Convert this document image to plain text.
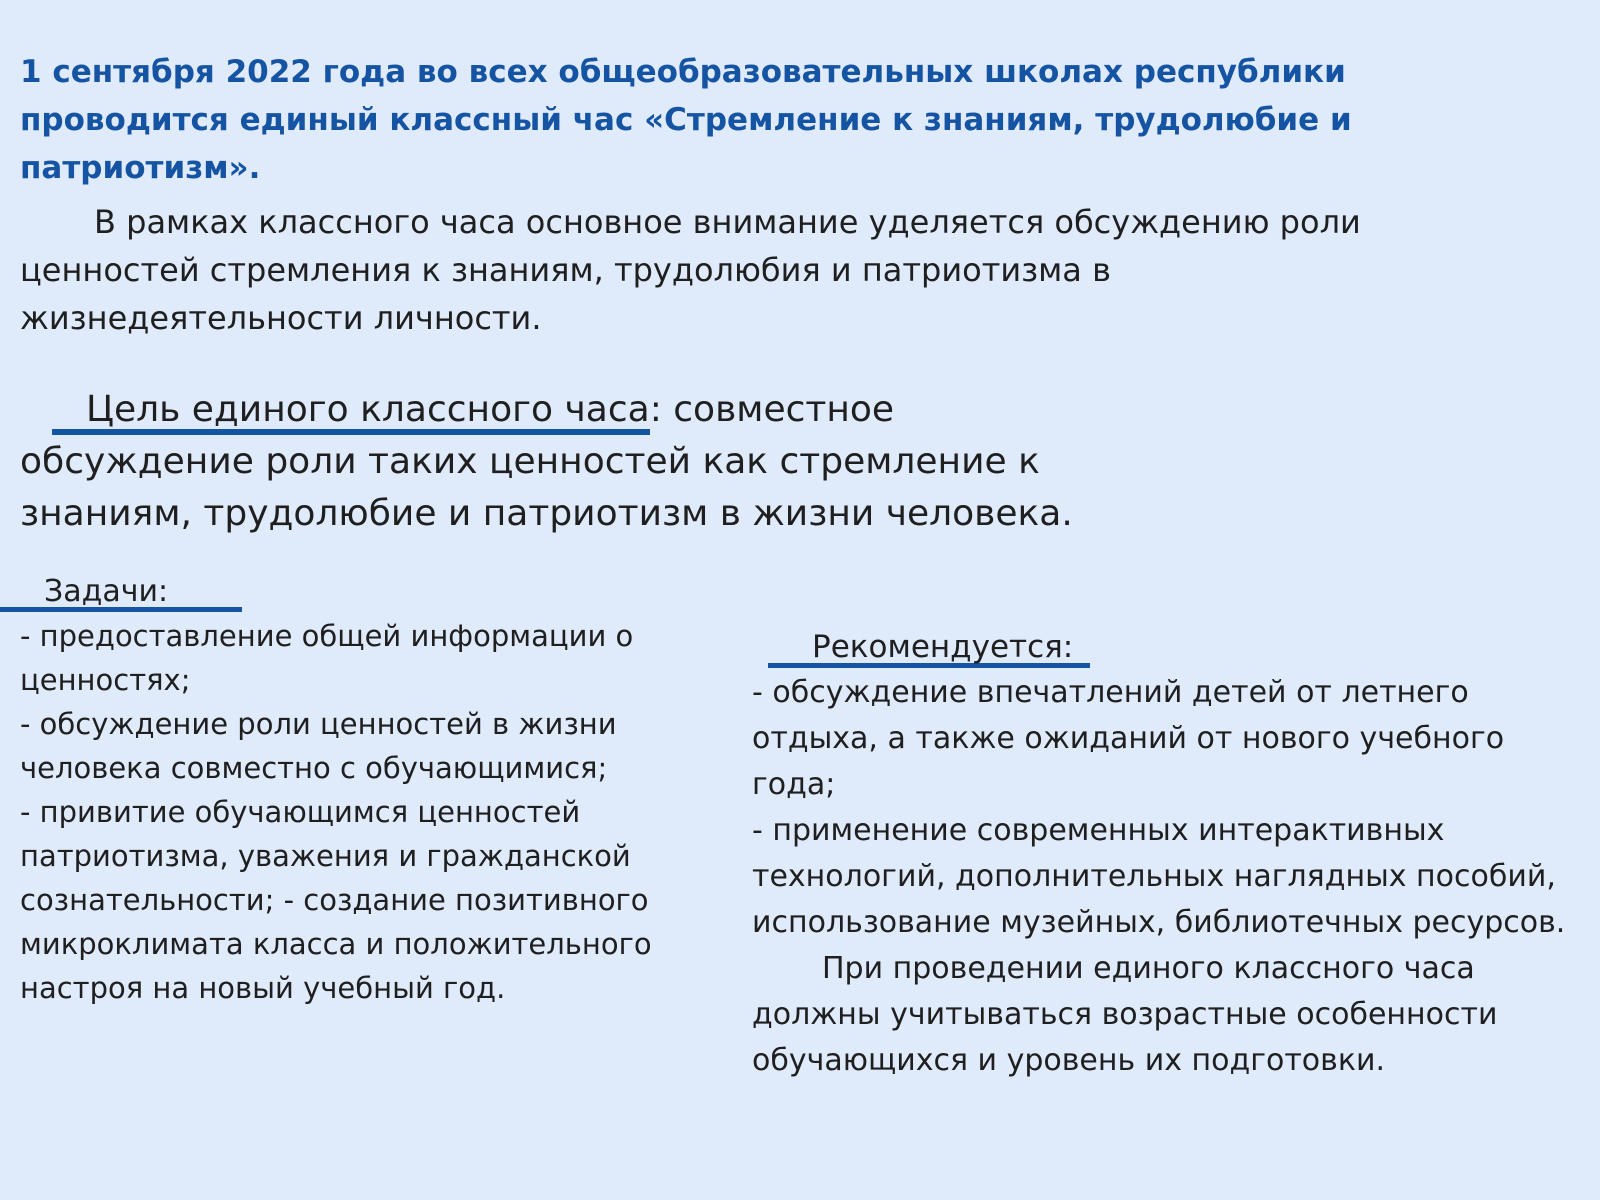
1 сентября 2022 года во всех общеобразовательных школах республики проводится единый классный час «Стремление к знаниям, трудолюбие и патриотизм».

В рамках классного часа основное внимание уделяется обсуждению роли ценностей стремления к знаниям, трудолюбия и патриотизма в жизнедеятельности личности.

Цель единого классного часа: совместное обсуждение роли таких ценностей как стремление к знаниям, трудолюбие и патриотизм в жизни человека.

Задачи:
- предоставление общей информации о ценностях;
- обсуждение роли ценностей в жизни человека совместно с обучающимися;
- привитие обучающимся ценностей патриотизма, уважения и гражданской сознательности; - создание позитивного микроклимата класса и положительного настроя на новый учебный год.
Рекомендуется:
- обсуждение впечатлений детей от летнего отдыха, а также ожиданий от нового учебного года;
- применение современных интерактивных технологий, дополнительных наглядных пособий, использование музейных, библиотечных ресурсов.
При проведении единого классного часа должны учитываться возрастные особенности обучающихся и уровень их подготовки.
